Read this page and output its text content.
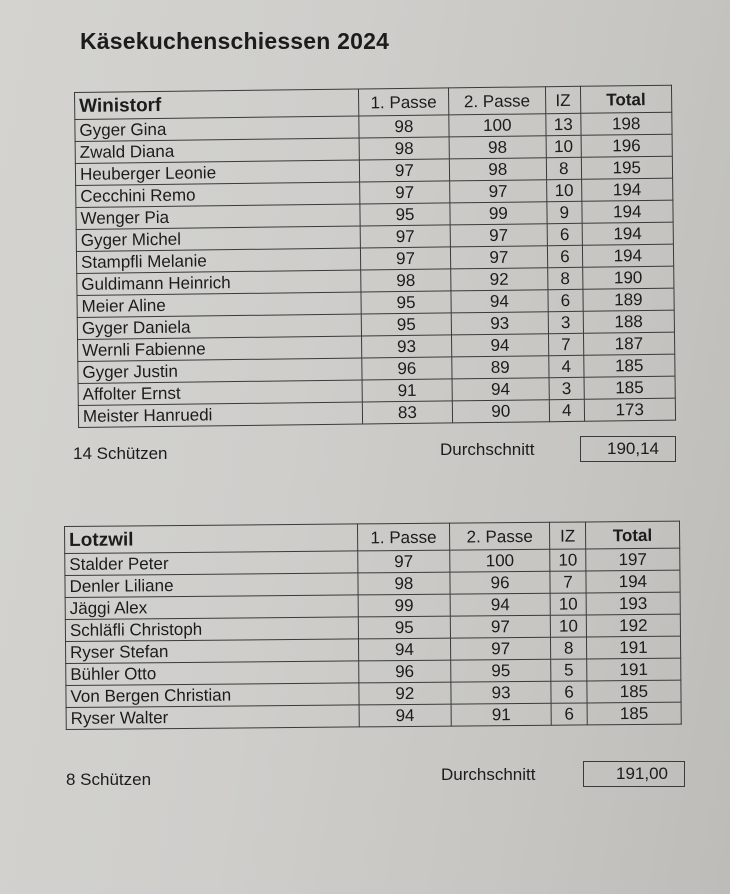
Käsekuchenschiessen 2024
Winistorf	1. Passe	2. Passe	IZ	Total
Gyger Gina	98	100	13	198
Zwald Diana	98	98	10	196
Heuberger Leonie	97	98	8	195
Cecchini Remo	97	97	10	194
Wenger Pia	95	99	9	194
Gyger Michel	97	97	6	194
Stampfli Melanie	97	97	6	194
Guldimann Heinrich	98	92	8	190
Meier Aline	95	94	6	189
Gyger Daniela	95	93	3	188
Wernli Fabienne	93	94	7	187
Gyger Justin	96	89	4	185
Affolter Ernst	91	94	3	185
Meister Hanruedi	83	90	4	173
14 Schützen	Durchschnitt	190,14
Lotzwil	1. Passe	2. Passe	IZ	Total
Stalder Peter	97	100	10	197
Denler Liliane	98	96	7	194
Jäggi Alex	99	94	10	193
Schläfli Christoph	95	97	10	192
Ryser Stefan	94	97	8	191
Bühler Otto	96	95	5	191
Von Bergen Christian	92	93	6	185
Ryser Walter	94	91	6	185
8 Schützen	Durchschnitt	191,00
